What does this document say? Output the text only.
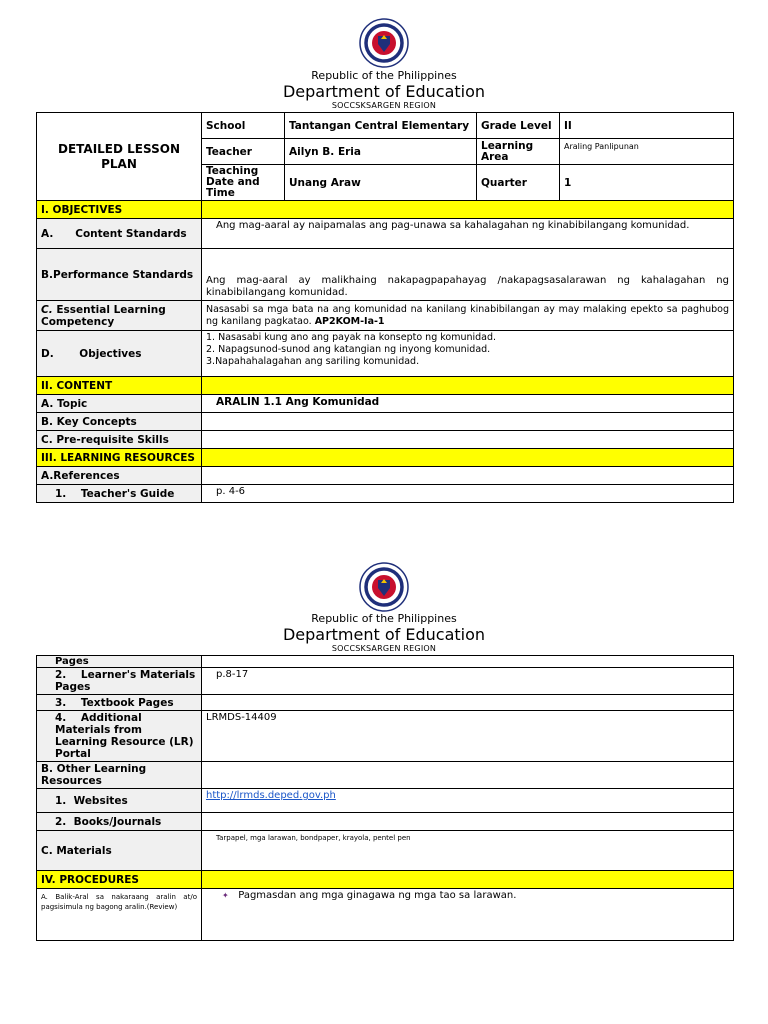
Republic of the Philippines
Department of Education
SOCCSKSARGEN REGION
DETAILED LESSON PLAN	School	Tantangan Central Elementary	Grade Level	II
	Teacher	Ailyn B. Eria	Learning Area	Araling Panlipunan
	Teaching Date and Time	Unang Araw	Quarter	1
I. OBJECTIVES				
A.      Content Standards	Ang mag-aaral ay naipamalas ang pag-unawa sa kahalagahan ng kinabibilangang komunidad.			
B.Performance Standards	Ang mag-aaral ay malikhaing nakapagpapahayag /nakapagsasalarawan ng kahalagahan ng kinabibilangang komunidad.			
C. Essential Learning Competency	Nasasabi sa mga bata na ang komunidad na kanilang kinabibilangan ay may malaking epekto sa paghubog ng kanilang pagkatao. AP2KOM-Ia-1			
D.       Objectives	1. Nasasabi kung ano ang payak na konsepto ng komunidad.
2. Napagsunod-sunod ang katangian ng inyong komunidad.
3.Napahahalagahan ang sariling komunidad.			

II. CONTENT				
A. Topic	ARALIN 1.1 Ang Komunidad			
B. Key Concepts				
C. Pre-requisite Skills				
III. LEARNING RESOURCES				
A.References				
1.    Teacher's Guide	p. 4-6			
Republic of the Philippines
Department of Education
SOCCSKSARGEN REGION
Pages	
2.    Learner's Materials Pages	p.8-17
3.    Textbook Pages	
4.    Additional Materials from Learning Resource (LR) Portal	LRMDS-14409
B. Other Learning Resources	
1.  Websites	http://lrmds.deped.gov.ph
2.  Books/Journals	
C. Materials	Tarpapel, mga larawan, bondpaper, krayola, pentel pen
IV. PROCEDURES	
A. Balik-Aral sa nakaraang aralin at/o pagsisimula ng bagong aralin.(Review)	✦ Pagmasdan ang mga ginagawa ng mga tao sa larawan.
